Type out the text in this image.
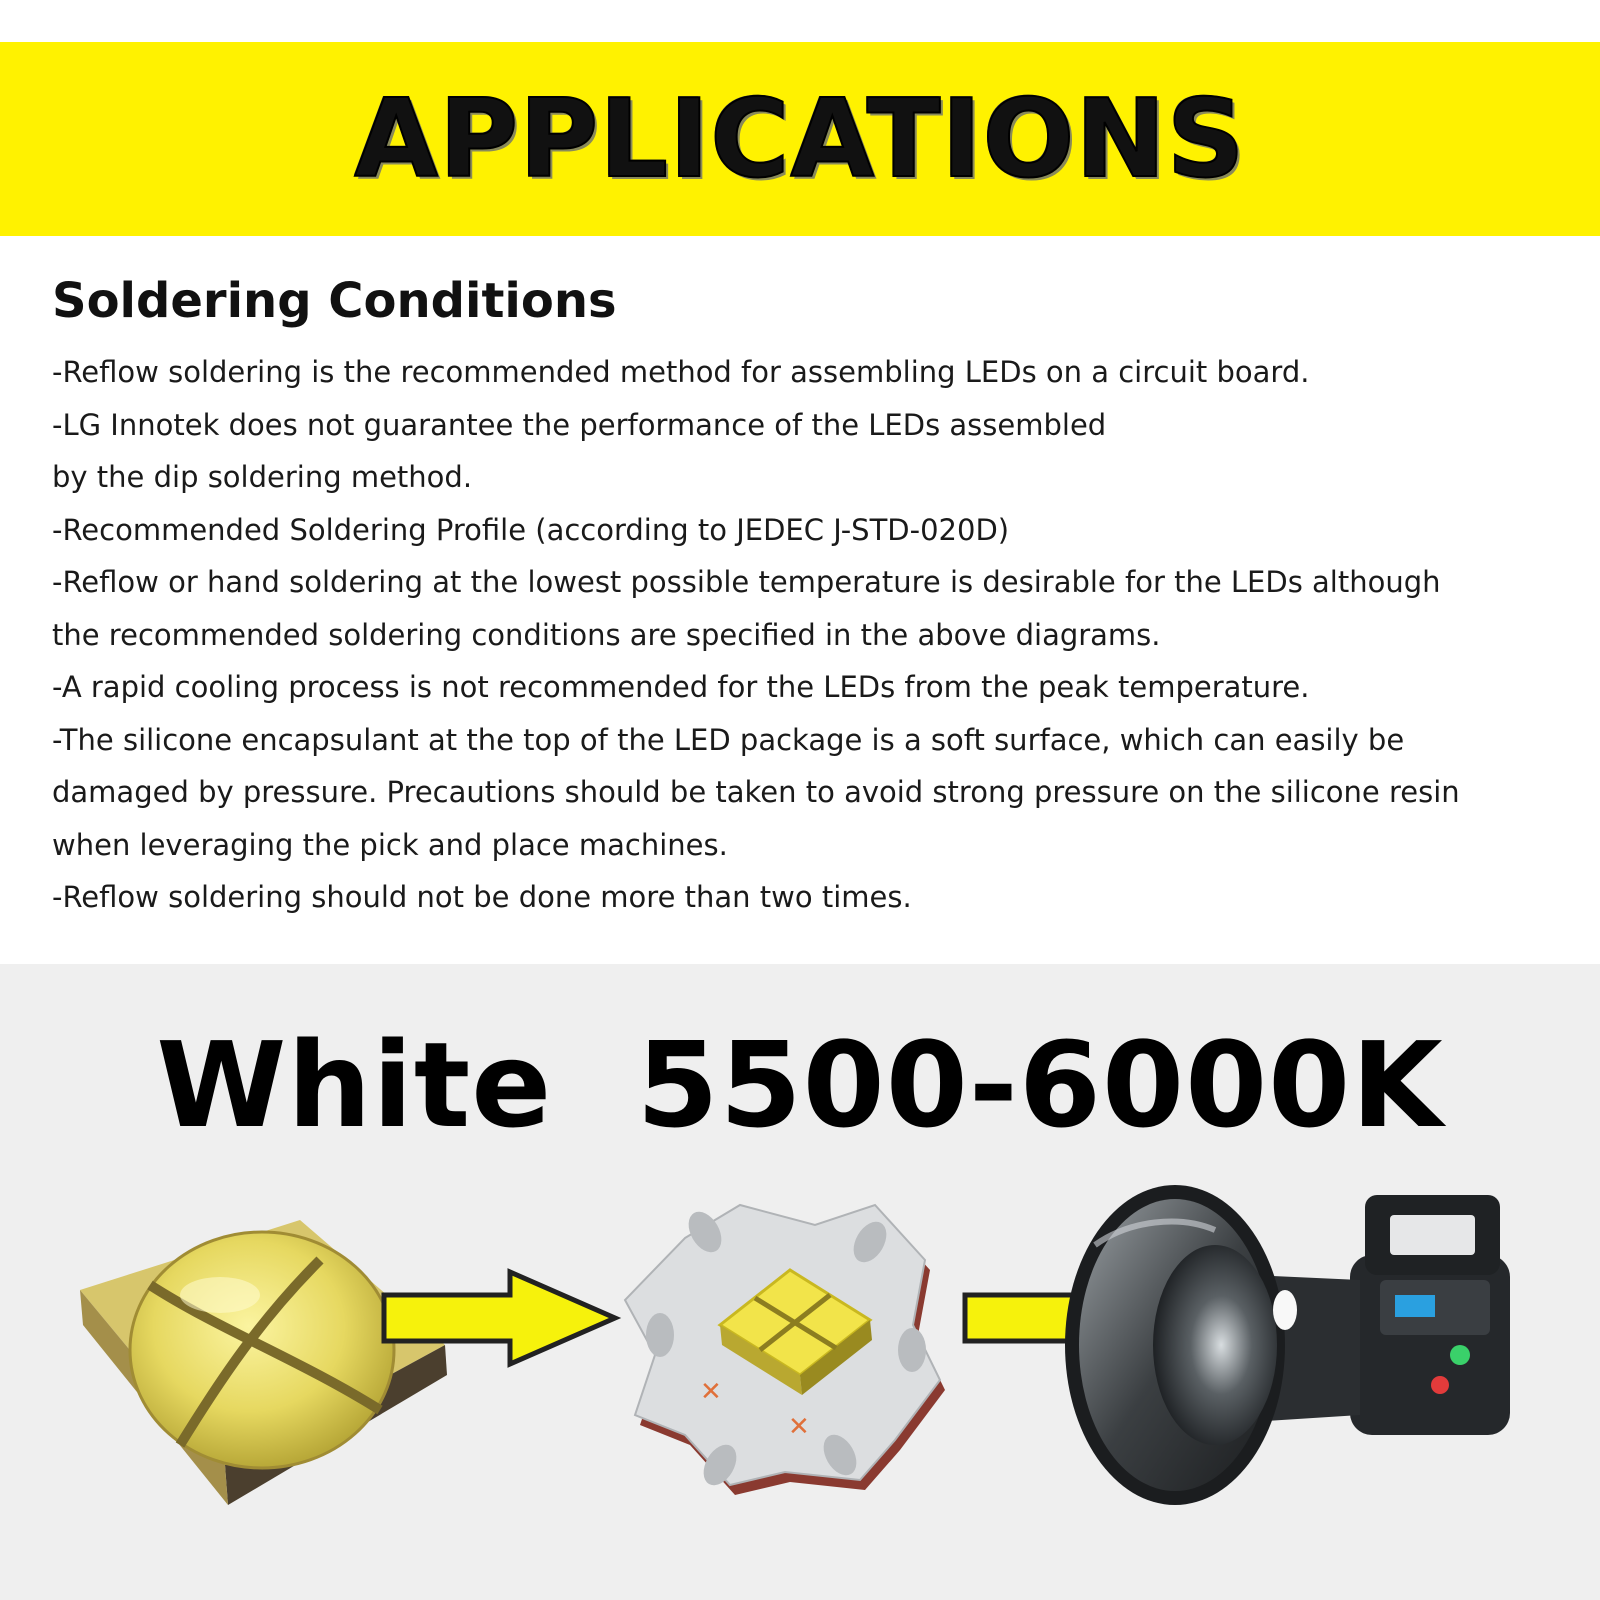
APPLICATIONS
Soldering Conditions
-Reflow soldering is the recommended method for assembling LEDs on a circuit board.
-LG Innotek does not guarantee the performance of the LEDs assembled
by the dip soldering method.
-Recommended Soldering Profile (according to JEDEC J-STD-020D)
-Reflow or hand soldering at the lowest possible temperature is desirable for the LEDs although
the recommended soldering conditions are specified in the above diagrams.
-A rapid cooling process is not recommended for the LEDs from the peak temperature.
-The silicone encapsulant at the top of the LED package is a soft surface, which can easily be
damaged by pressure. Precautions should be taken to avoid strong pressure on the silicone resin
when leveraging the pick and place machines.
-Reflow soldering should not be done more than two times.
White  5500-6000K
✕
✕
